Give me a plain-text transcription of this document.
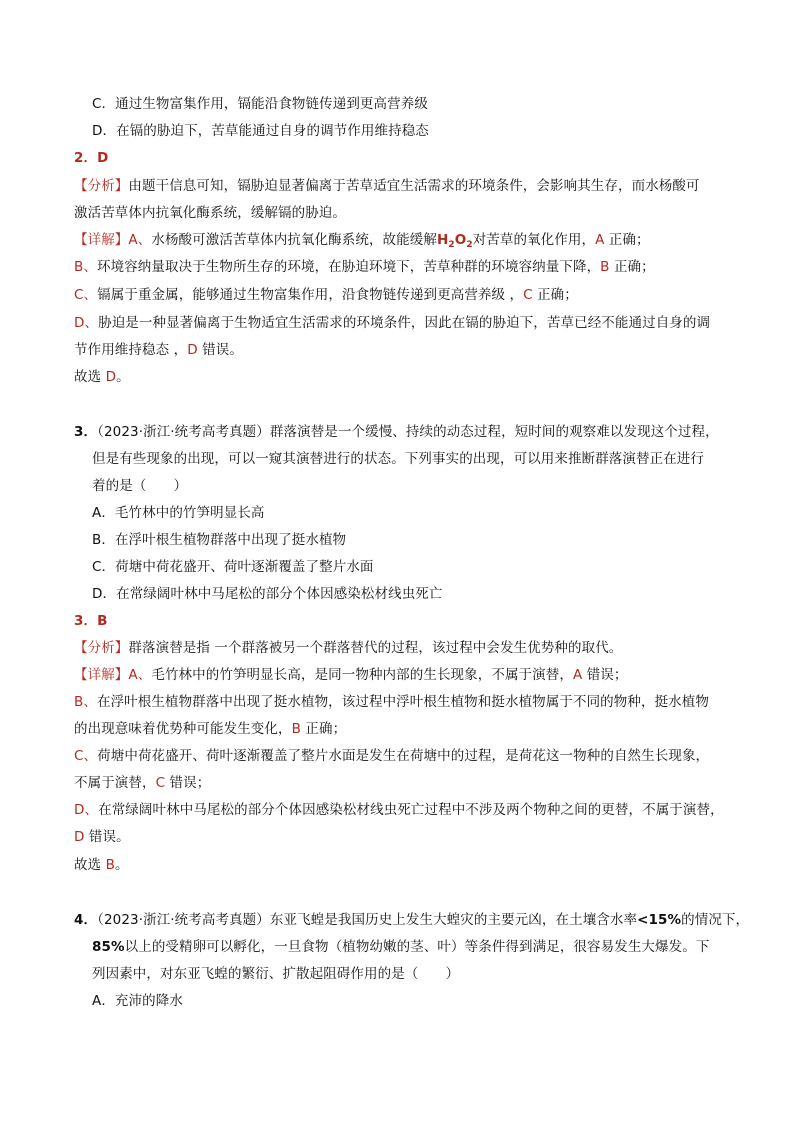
C．通过生物富集作用，镉能沿食物链传递到更高营养级
D．在镉的胁迫下，苦草能通过自身的调节作用维持稳态
2．D
【分析】由题干信息可知，镉胁迫显著偏离于苦草适宜生活需求的环境条件，会影响其生存，而水杨酸可
激活苦草体内抗氧化酶系统，缓解镉的胁迫。
【详解】A、水杨酸可激活苦草体内抗氧化酶系统，故能缓解$H_2O_2$对苦草的氧化作用，A 正确；
B、环境容纳量取决于生物所生存的环境，在胁迫环境下，苦草种群的环境容纳量下降，B 正确；
C、镉属于重金属，能够通过生物富集作用，沿食物链传递到更高营养级 ，C 正确；
D、胁迫是一种显著偏离于生物适宜生活需求的环境条件，因此在镉的胁迫下，苦草已经不能通过自身的调
节作用维持稳态 ，D 错误。
故选 D。
3．（2023·浙江·统考高考真题）群落演替是一个缓慢、持续的动态过程，短时间的观察难以发现这个过程，
但是有些现象的出现，可以一窥其演替进行的状态。下列事实的出现，可以用来推断群落演替正在进行
着的是（　　）
A．毛竹林中的竹笋明显长高
B．在浮叶根生植物群落中出现了挺水植物
C．荷塘中荷花盛开、荷叶逐渐覆盖了整片水面
D．在常绿阔叶林中马尾松的部分个体因感染松材线虫死亡
3．B
【分析】群落演替是指 一个群落被另一个群落替代的过程，该过程中会发生优势种的取代。
【详解】A、毛竹林中的竹笋明显长高，是同一物种内部的生长现象，不属于演替，A 错误；
B、在浮叶根生植物群落中出现了挺水植物，该过程中浮叶根生植物和挺水植物属于不同的物种，挺水植物
的出现意味着优势种可能发生变化，B 正确；
C、荷塘中荷花盛开、荷叶逐渐覆盖了整片水面是发生在荷塘中的过程，是荷花这一物种的自然生长现象，
不属于演替，C 错误；
D、在常绿阔叶林中马尾松的部分个体因感染松材线虫死亡过程中不涉及两个物种之间的更替，不属于演替，
D 错误。
故选 B。
4．（2023·浙江·统考高考真题）东亚飞蝗是我国历史上发生大蝗灾的主要元凶，在土壤含水率<15%的情况下，
85%以上的受精卵可以孵化，一旦食物（植物幼嫩的茎、叶）等条件得到满足，很容易发生大爆发。下
列因素中，对东亚飞蝗的繁衍、扩散起阻碍作用的是（　　）
A．充沛的降水
